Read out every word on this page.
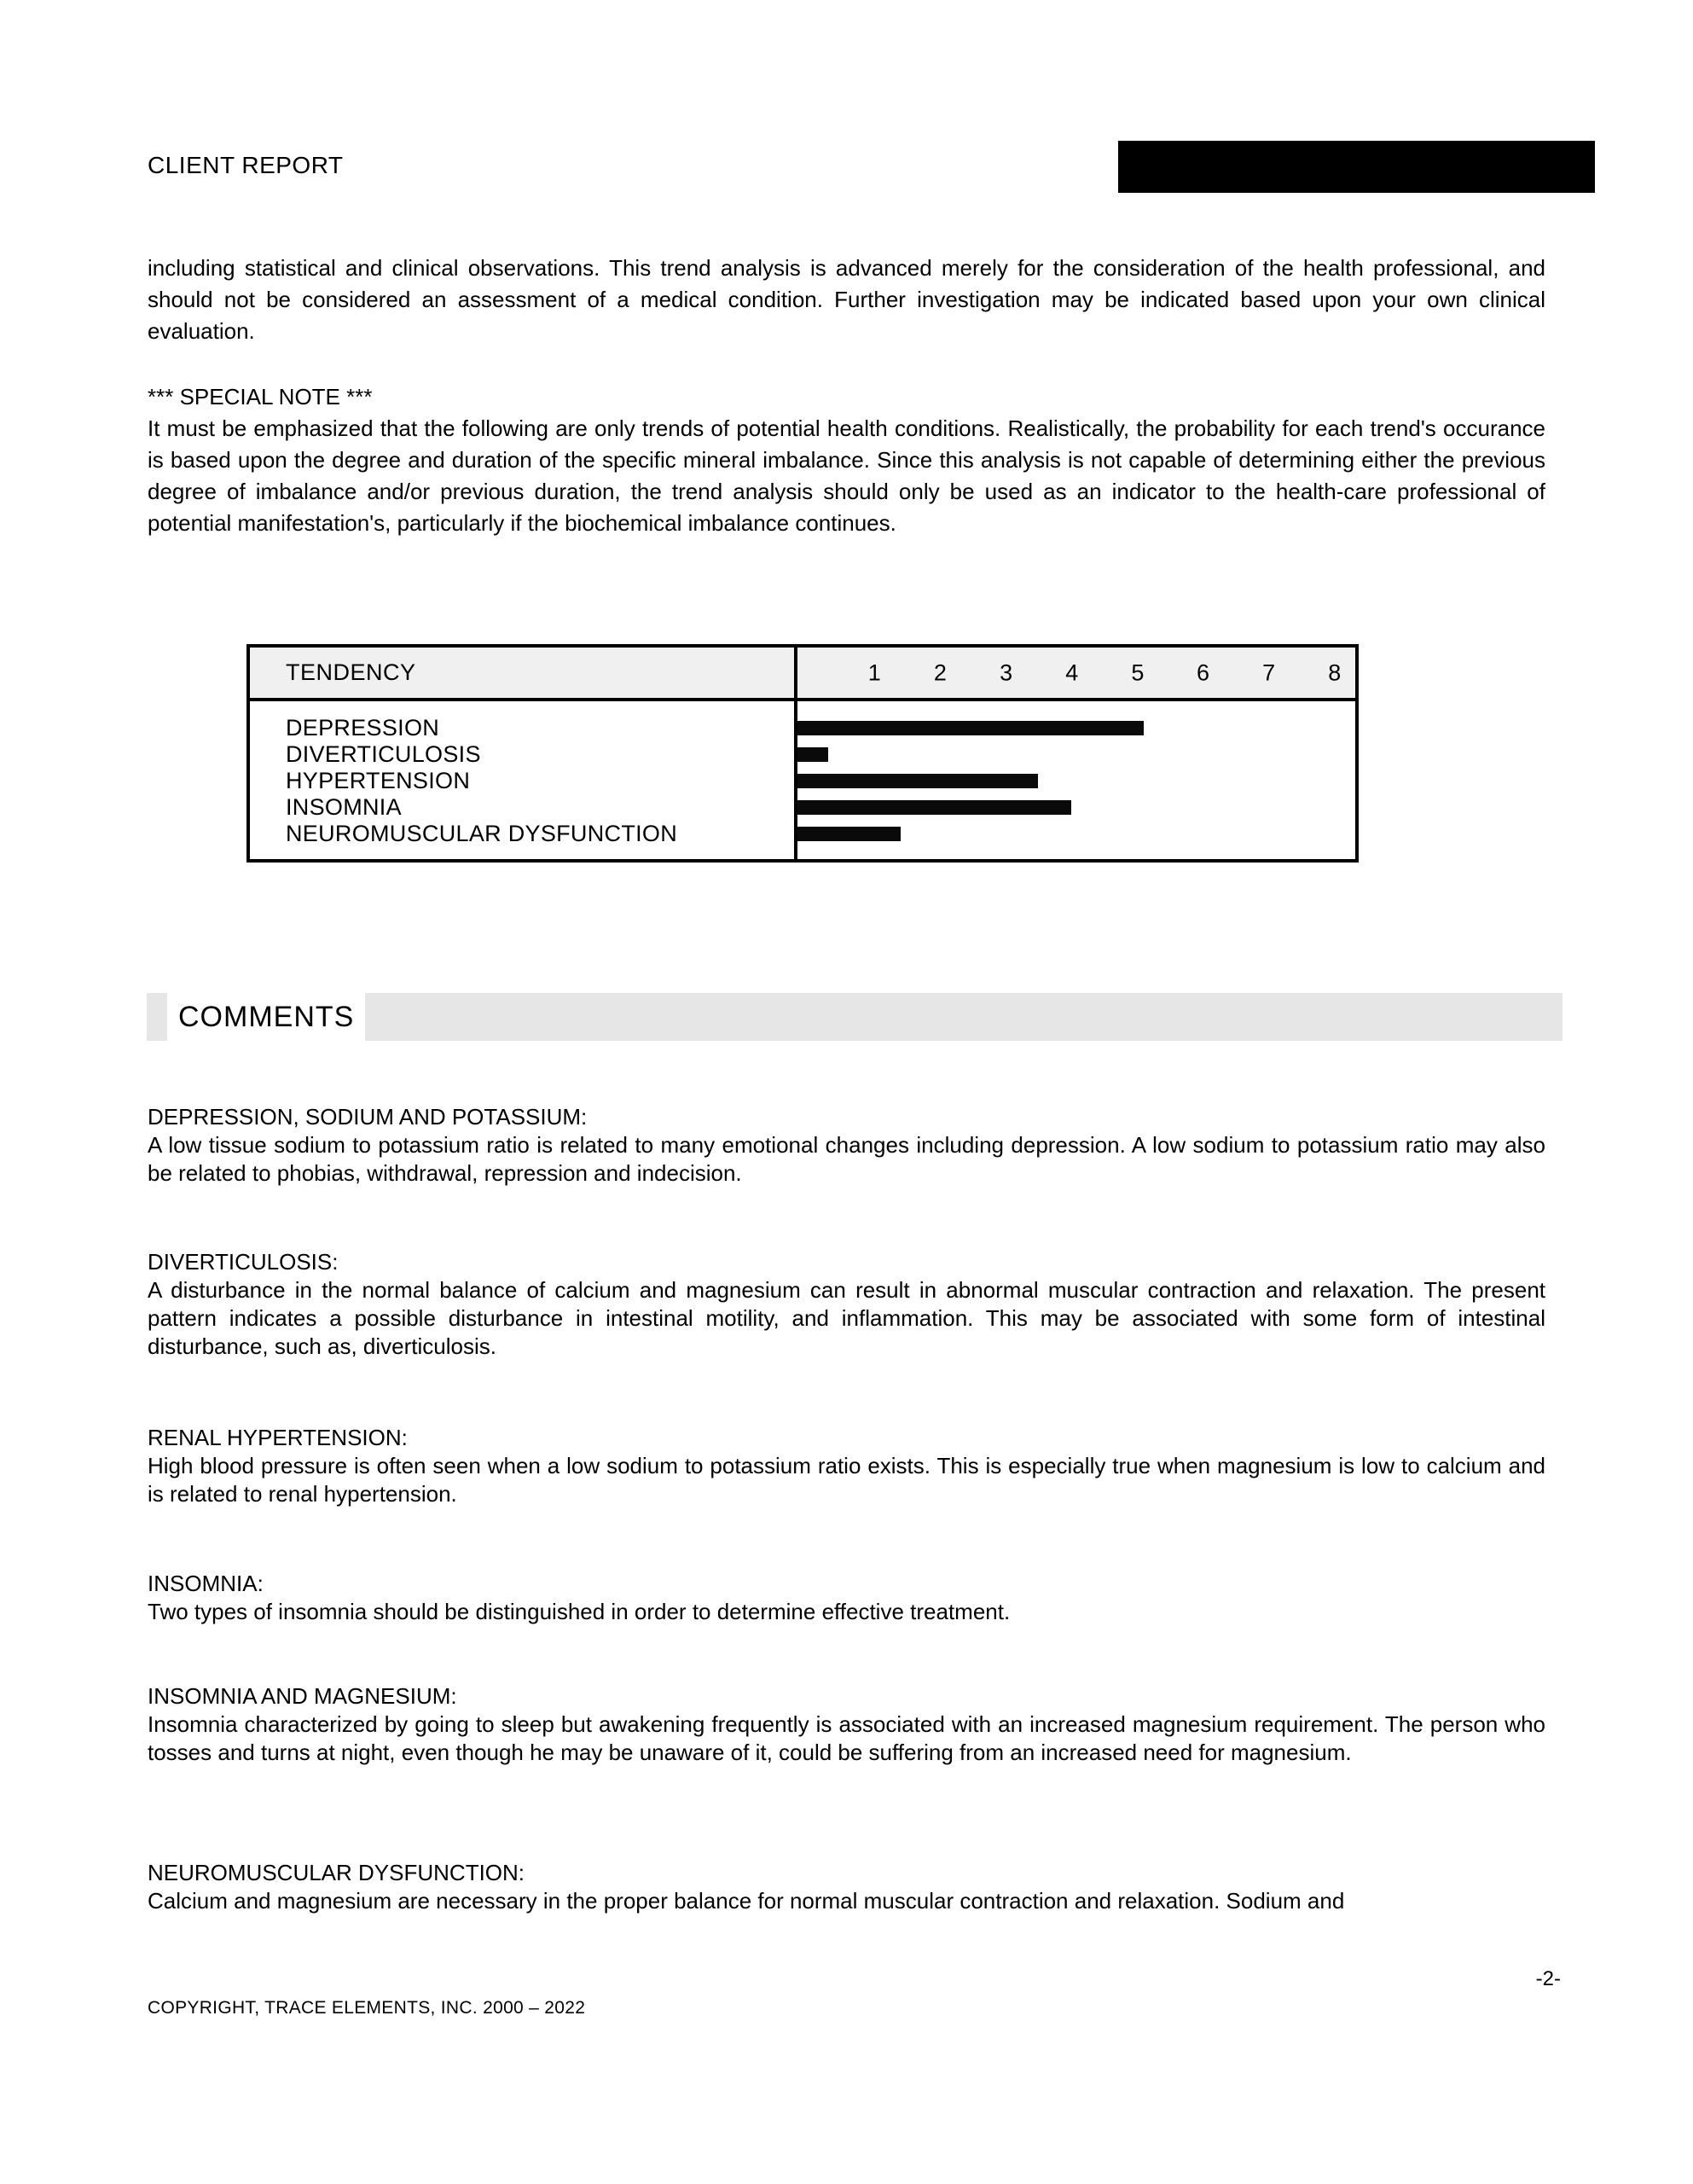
CLIENT REPORT
including statistical and clinical observations. This trend analysis is advanced merely for the consideration of the health professional, and should not be considered an assessment of a medical condition. Further investigation may be indicated based upon your own clinical evaluation.
*** SPECIAL NOTE ***
It must be emphasized that the following are only trends of potential health conditions. Realistically, the probability for each trend's occurance is based upon the degree and duration of the specific mineral imbalance. Since this analysis is not capable of determining either the previous degree of imbalance and/or previous duration, the trend analysis should only be used as an indicator to the health-care professional of potential manifestation's, particularly if the biochemical imbalance continues.
TENDENCY	1 2 3 4 5 6 7 8
DEPRESSION
DIVERTICULOSIS
HYPERTENSION
INSOMNIA
NEUROMUSCULAR DYSFUNCTION
COMMENTS
DEPRESSION, SODIUM AND POTASSIUM:
A low tissue sodium to potassium ratio is related to many emotional changes including depression. A low sodium to potassium ratio may also be related to phobias, withdrawal, repression and indecision.
DIVERTICULOSIS:
A disturbance in the normal balance of calcium and magnesium can result in abnormal muscular contraction and relaxation. The present pattern indicates a possible disturbance in intestinal motility, and inflammation. This may be associated with some form of intestinal disturbance, such as, diverticulosis.
RENAL HYPERTENSION:
High blood pressure is often seen when a low sodium to potassium ratio exists. This is especially true when magnesium is low to calcium and is related to renal hypertension.
INSOMNIA:
Two types of insomnia should be distinguished in order to determine effective treatment.
INSOMNIA AND MAGNESIUM:
Insomnia characterized by going to sleep but awakening frequently is associated with an increased magnesium requirement. The person who tosses and turns at night, even though he may be unaware of it, could be suffering from an increased need for magnesium.
NEUROMUSCULAR DYSFUNCTION:
Calcium and magnesium are necessary in the proper balance for normal muscular contraction and relaxation. Sodium and
-2-
COPYRIGHT, TRACE ELEMENTS, INC. 2000 – 2022
